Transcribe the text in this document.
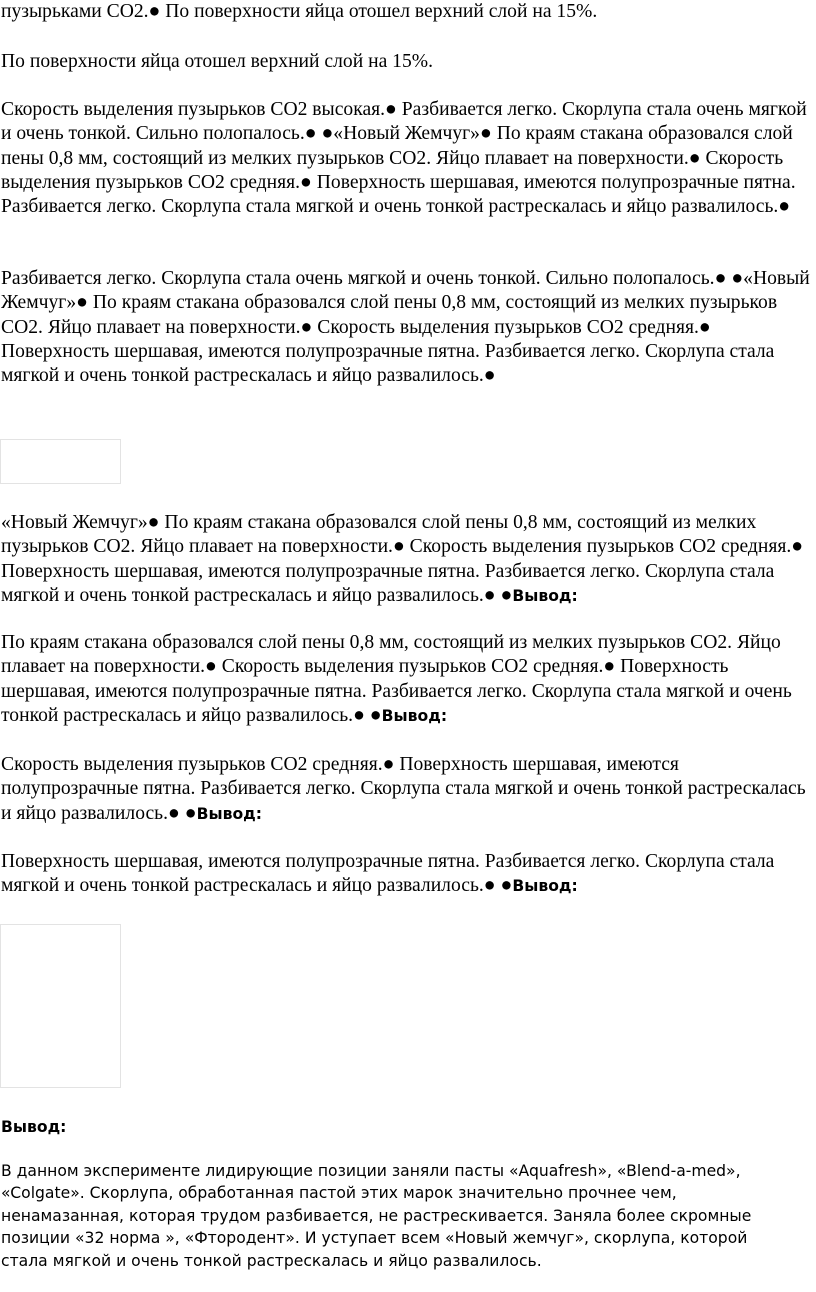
пузырьками СО2.● По поверхности яйца отошел верхний слой на 15%.

По поверхности яйца отошел верхний слой на 15%.

Скорость выделения пузырьков СО2 высокая.● Разбивается легко. Скорлупа стала очень мягкой и очень тонкой. Сильно полопалось.● ●«Новый Жемчуг»● По краям стакана образовался слой пены 0,8 мм, состоящий из мелких пузырьков СО2. Яйцо плавает на поверхности.● Скорость выделения пузырьков СО2 средняя.● Поверхность шершавая, имеются полупрозрачные пятна. Разбивается легко. Скорлупа стала мягкой и очень тонкой растрескалась и яйцо развалилось.●

Разбивается легко. Скорлупа стала очень мягкой и очень тонкой. Сильно полопалось.● ●«Новый Жемчуг»● По краям стакана образовался слой пены 0,8 мм, состоящий из мелких пузырьков СО2. Яйцо плавает на поверхности.● Скорость выделения пузырьков СО2 средняя.● Поверхность шершавая, имеются полупрозрачные пятна. Разбивается легко. Скорлупа стала мягкой и очень тонкой растрескалась и яйцо развалилось.●

«Новый Жемчуг»● По краям стакана образовался слой пены 0,8 мм, состоящий из мелких пузырьков СО2. Яйцо плавает на поверхности.● Скорость выделения пузырьков СО2 средняя.● Поверхность шершавая, имеются полупрозрачные пятна. Разбивается легко. Скорлупа стала мягкой и очень тонкой растрескалась и яйцо развалилось.● ●Вывод:

По краям стакана образовался слой пены 0,8 мм, состоящий из мелких пузырьков СО2. Яйцо плавает на поверхности.● Скорость выделения пузырьков СО2 средняя.● Поверхность шершавая, имеются полупрозрачные пятна. Разбивается легко. Скорлупа стала мягкой и очень тонкой растрескалась и яйцо развалилось.● ●Вывод:

Скорость выделения пузырьков СО2 средняя.● Поверхность шершавая, имеются полупрозрачные пятна. Разбивается легко. Скорлупа стала мягкой и очень тонкой растрескалась и яйцо развалилось.● ●Вывод:

Поверхность шершавая, имеются полупрозрачные пятна. Разбивается легко. Скорлупа стала мягкой и очень тонкой растрескалась и яйцо развалилось.● ●Вывод:

Вывод:

В данном эксперименте лидирующие позиции заняли пасты «Aquafresh», «Blend-a-med», «Colgate». Скорлупа, обработанная пастой этих марок значительно прочнее чем, ненамазанная, которая трудом разбивается, не растрескивается. Заняла более скромные позиции «32 норма », «Фтородент». И уступает всем «Новый жемчуг», скорлупа, которой стала мягкой и очень тонкой растрескалась и яйцо развалилось.
